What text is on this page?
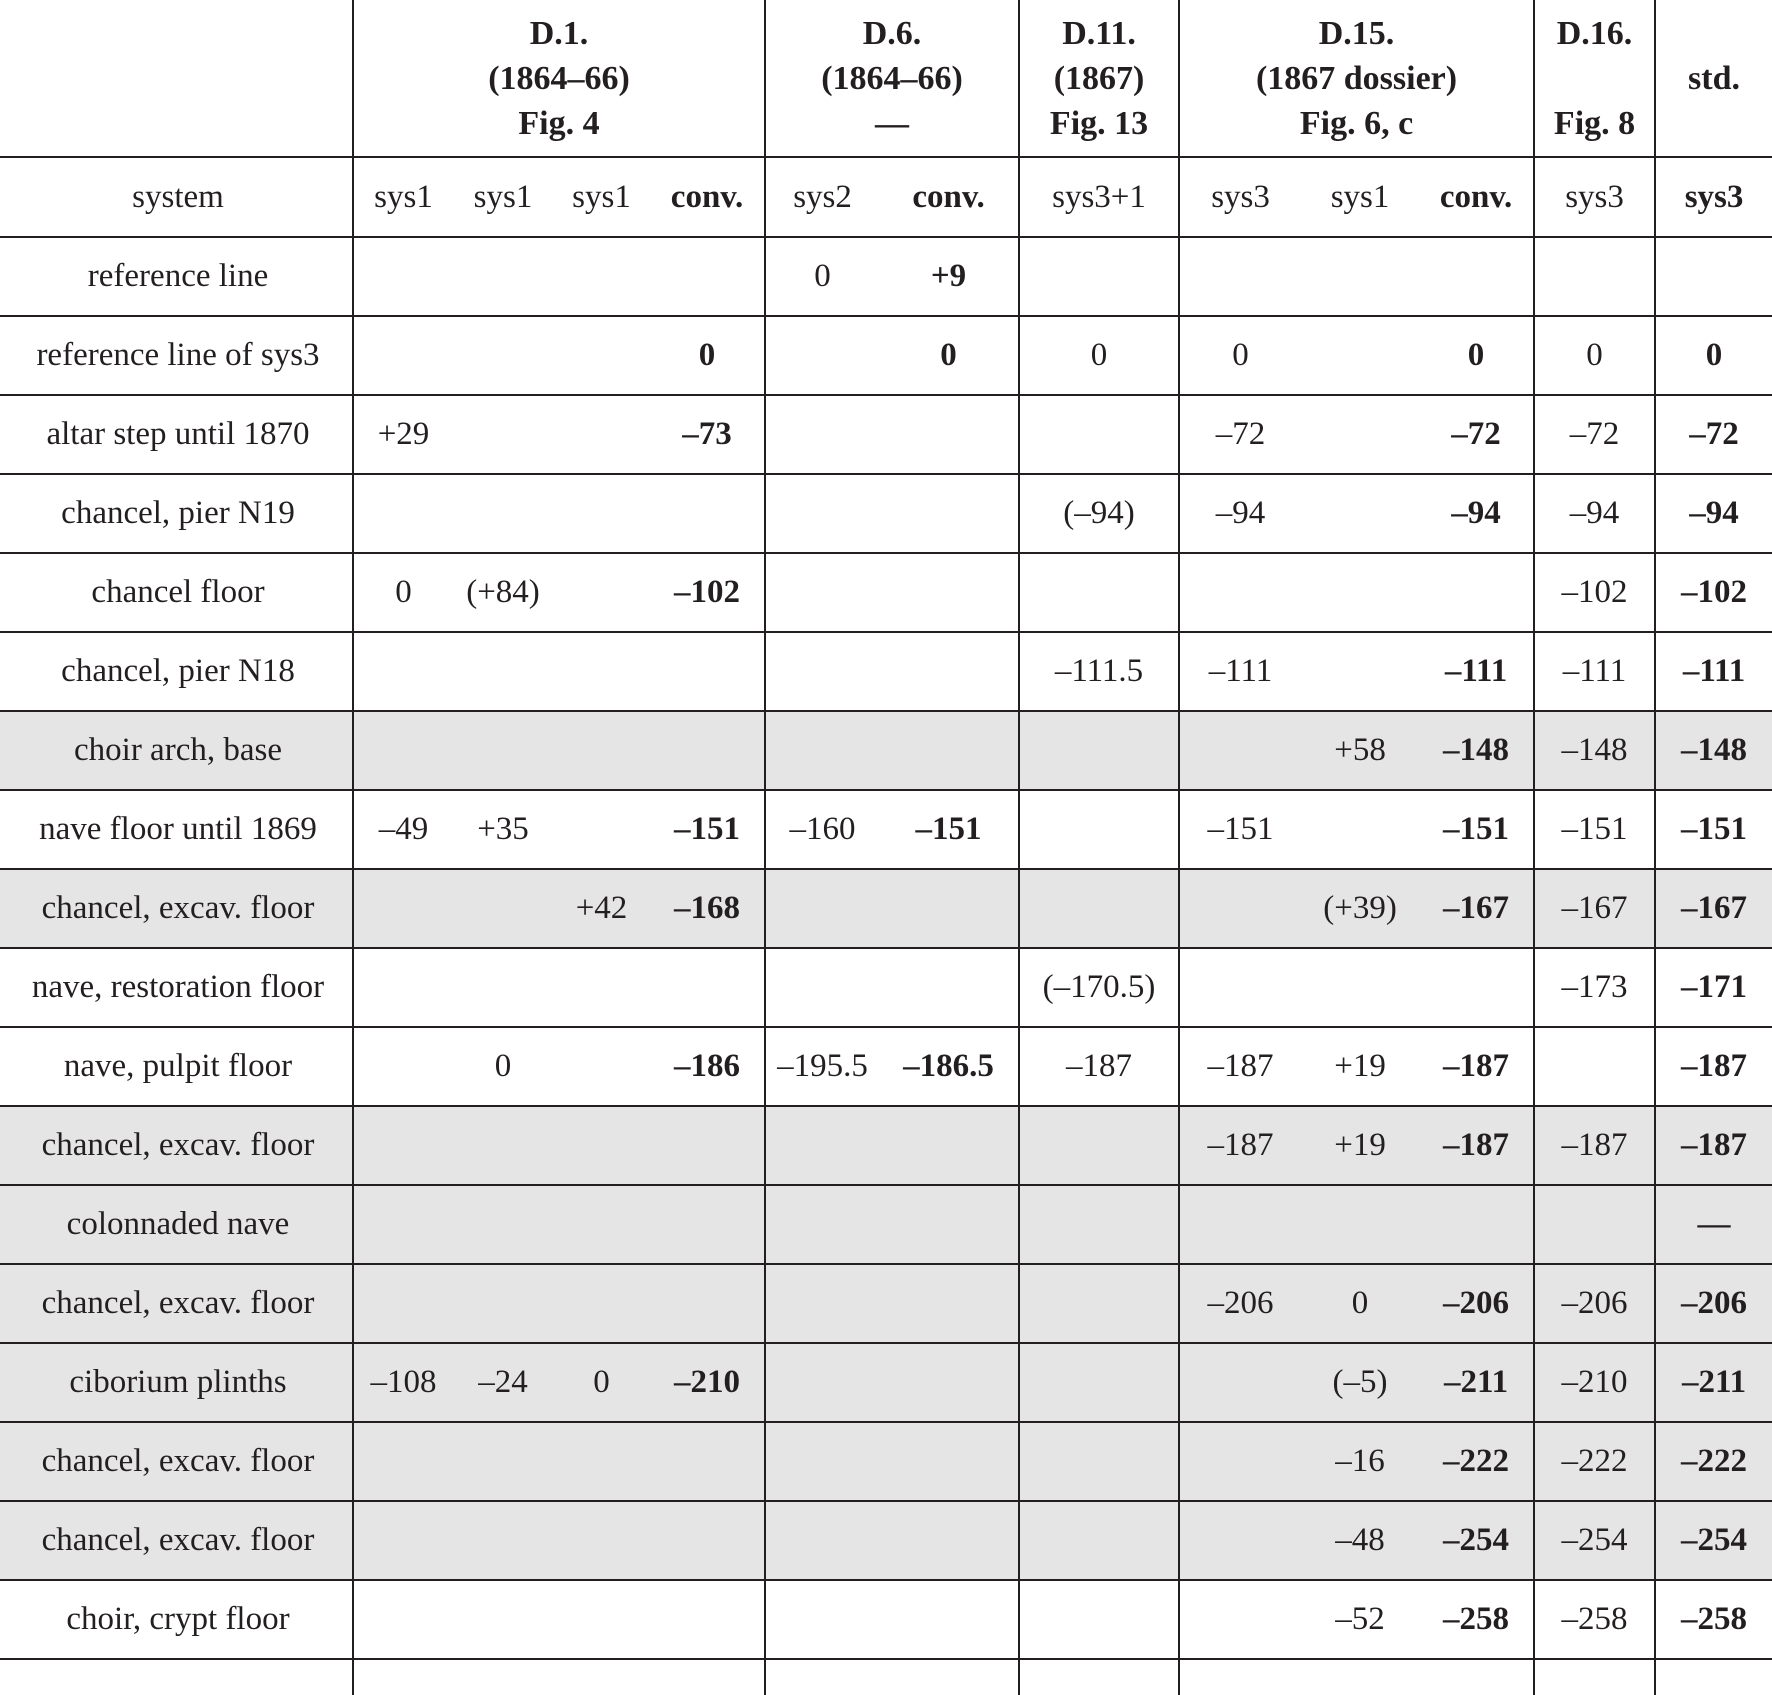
	D.1.
(1864–66)
Fig. 4				D.6.
(1864–66)
—		D.11.
(1867)
Fig. 13	D.15.
(1867 dossier)
Fig. 6, c			D.16.

Fig. 8	std.

system	sys1	sys1	sys1	conv.	sys2	conv.	sys3+1	sys3	sys1	conv.	sys3	sys3
reference line					0	+9						
reference line of sys3				0		0	0	0		0	0	0
altar step until 1870	+29			–73				–72		–72	–72	–72
chancel, pier N19							(–94)	–94		–94	–94	–94
chancel floor	0	(+84)		–102							–102	–102
chancel, pier N18							–111.5	–111		–111	–111	–111
choir arch, base									+58	–148	–148	–148
nave floor until 1869	–49	+35		–151	–160	–151		–151		–151	–151	–151
chancel, excav. floor			+42	–168					(+39)	–167	–167	–167
nave, restoration floor							(–170.5)				–173	–171
nave, pulpit floor		0		–186	–195.5	–186.5	–187	–187	+19	–187		–187
chancel, excav. floor								–187	+19	–187	–187	–187
colonnaded nave												—
chancel, excav. floor								–206	0	–206	–206	–206
ciborium plinths	–108	–24	0	–210					(–5)	–211	–210	–211
chancel, excav. floor									–16	–222	–222	–222
chancel, excav. floor									–48	–254	–254	–254
choir, crypt floor									–52	–258	–258	–258
